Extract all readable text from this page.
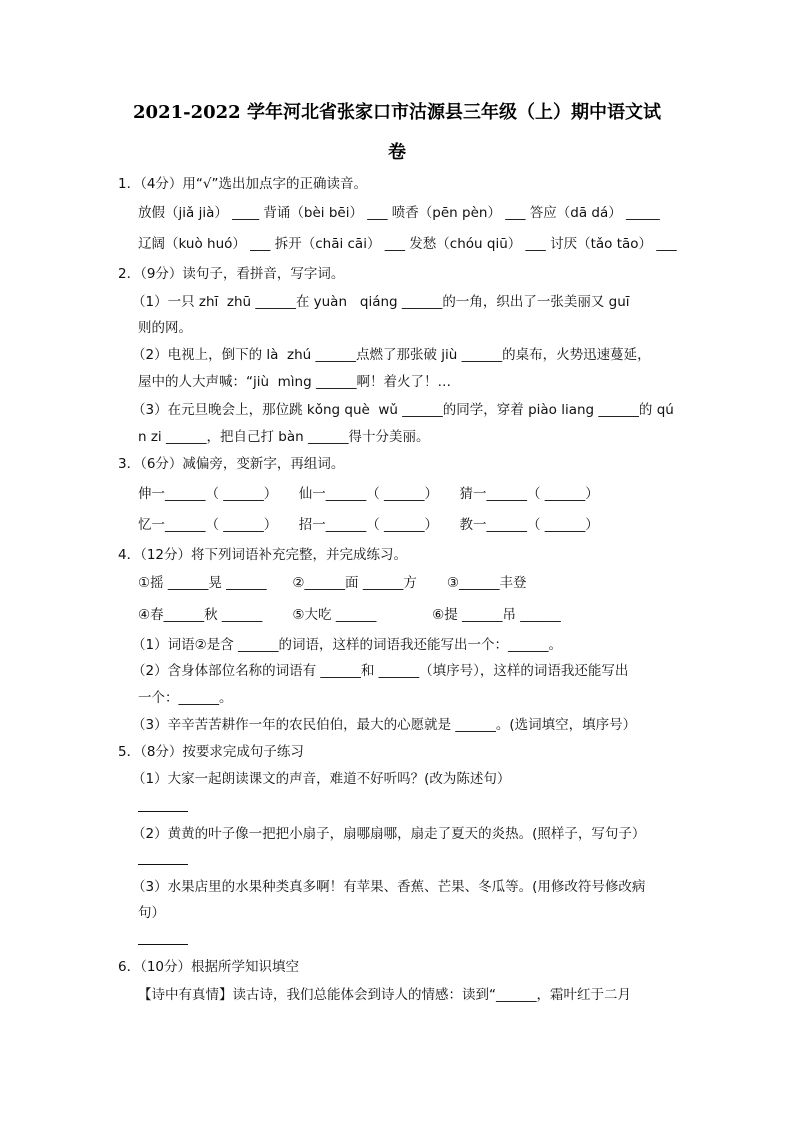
2021-2022 学年河北省张家口市沽源县三年级（上）期中语文试
卷
1．（4分）用“√”选出加点字的正确读音。
放假（jiǎ jià） ____ 背诵（bèi bēi） ___ 喷香（pēn pèn） ___ 答应（dā dá） _____
辽阔（kuò huó） ___ 拆开（chāi cāi） ___ 发愁（chóu qiū） ___ 讨厌（tǎo tāo） ___
2．（9分）读句子，看拼音，写字词。
（1）一只 zhī  zhū ______在 yuàn   qiáng ______的一角，织出了一张美丽又 guī
则的网。
（2）电视上，倒下的 là  zhú ______点燃了那张破 jiù ______的桌布，火势迅速蔓延，
屋中的人大声喊：“jiù  mìng ______啊！着火了！…
（3）在元旦晚会上，那位跳 kǒng què  wǔ ______的同学，穿着 piào liang ______的 qú
n zi ______，把自己打 bàn ______得十分美丽。
3．（6分）减偏旁，变新字，再组词。
伸一______（ ______）     仙一______（ ______）     猜一______（ ______）
忆一______（ ______）     招一______（ ______）     教一______（ ______）
4．（12分）将下列词语补充完整，并完成练习。
①摇 ______晃 ______      ②______面 ______方       ③______丰登
④春______秋 ______       ⑤大吃 ______             ⑥提 ______吊 ______
（1）词语②是含 ______的词语，这样的词语我还能写出一个：______。
（2）含身体部位名称的词语有 ______和 ______（填序号），这样的词语我还能写出
一个：______。
（3）辛辛苦苦耕作一年的农民伯伯，最大的心愿就是 ______。(选词填空，填序号）
5．（8分）按要求完成句子练习
（1）大家一起朗读课文的声音，难道不好听吗？(改为陈述句）
（2）黄黄的叶子像一把把小扇子，扇哪扇哪，扇走了夏天的炎热。(照样子，写句子）
（3）水果店里的水果种类真多啊！有苹果、香蕉、芒果、冬瓜等。(用修改符号修改病
句）
6．（10分）根据所学知识填空
【诗中有真情】读古诗，我们总能体会到诗人的情感：读到“______，霜叶红于二月
